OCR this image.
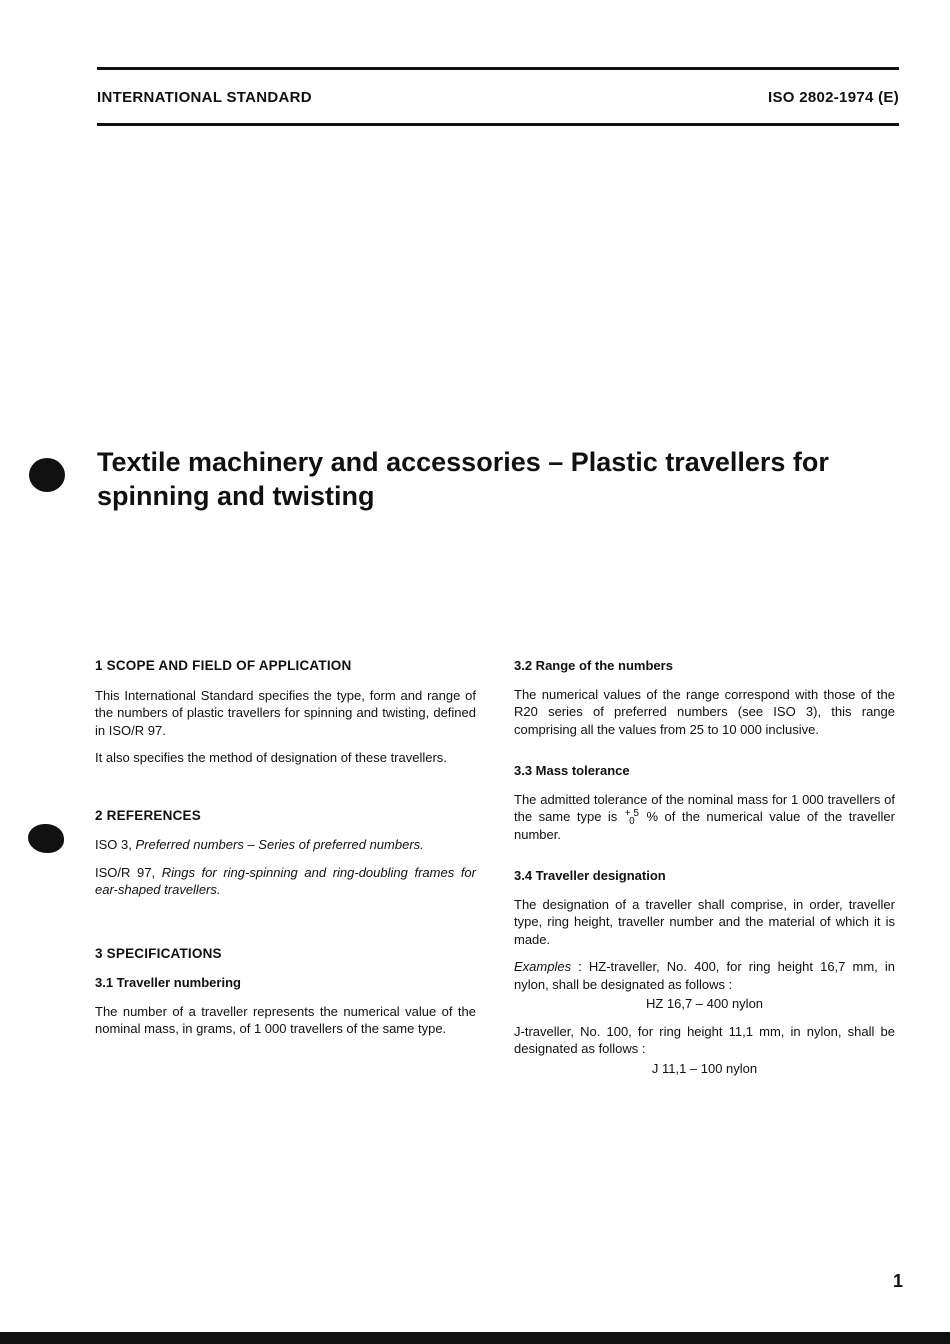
INTERNATIONAL STANDARD	ISO 2802-1974 (E)
Textile machinery and accessories – Plastic travellers for spinning and twisting
1 SCOPE AND FIELD OF APPLICATION

This International Standard specifies the type, form and range of the numbers of plastic travellers for spinning and twisting, defined in ISO/R 97.

It also specifies the method of designation of these travellers.

2 REFERENCES

ISO 3, Preferred numbers – Series of preferred numbers.

ISO/R 97, Rings for ring-spinning and ring-doubling frames for ear-shaped travellers.

3 SPECIFICATIONS
3.1 Traveller numbering

The number of a traveller represents the numerical value of the nominal mass, in grams, of 1 000 travellers of the same type.

3.2 Range of the numbers

The numerical values of the range correspond with those of the R20 series of preferred numbers (see ISO 3), this range comprising all the values from 25 to 10 000 inclusive.

3.3 Mass tolerance

The admitted tolerance of the nominal mass for 1 000 travellers of the same type is + 5
0 % of the numerical value of the traveller number.

3.4 Traveller designation

The designation of a traveller shall comprise, in order, traveller type, ring height, traveller number and the material of which it is made.

Examples : HZ-traveller, No. 400, for ring height 16,7 mm, in nylon, shall be designated as follows :

HZ 16,7 – 400 nylon

J-traveller, No. 100, for ring height 11,1 mm, in nylon, shall be designated as follows :

J 11,1 – 100 nylon

1
